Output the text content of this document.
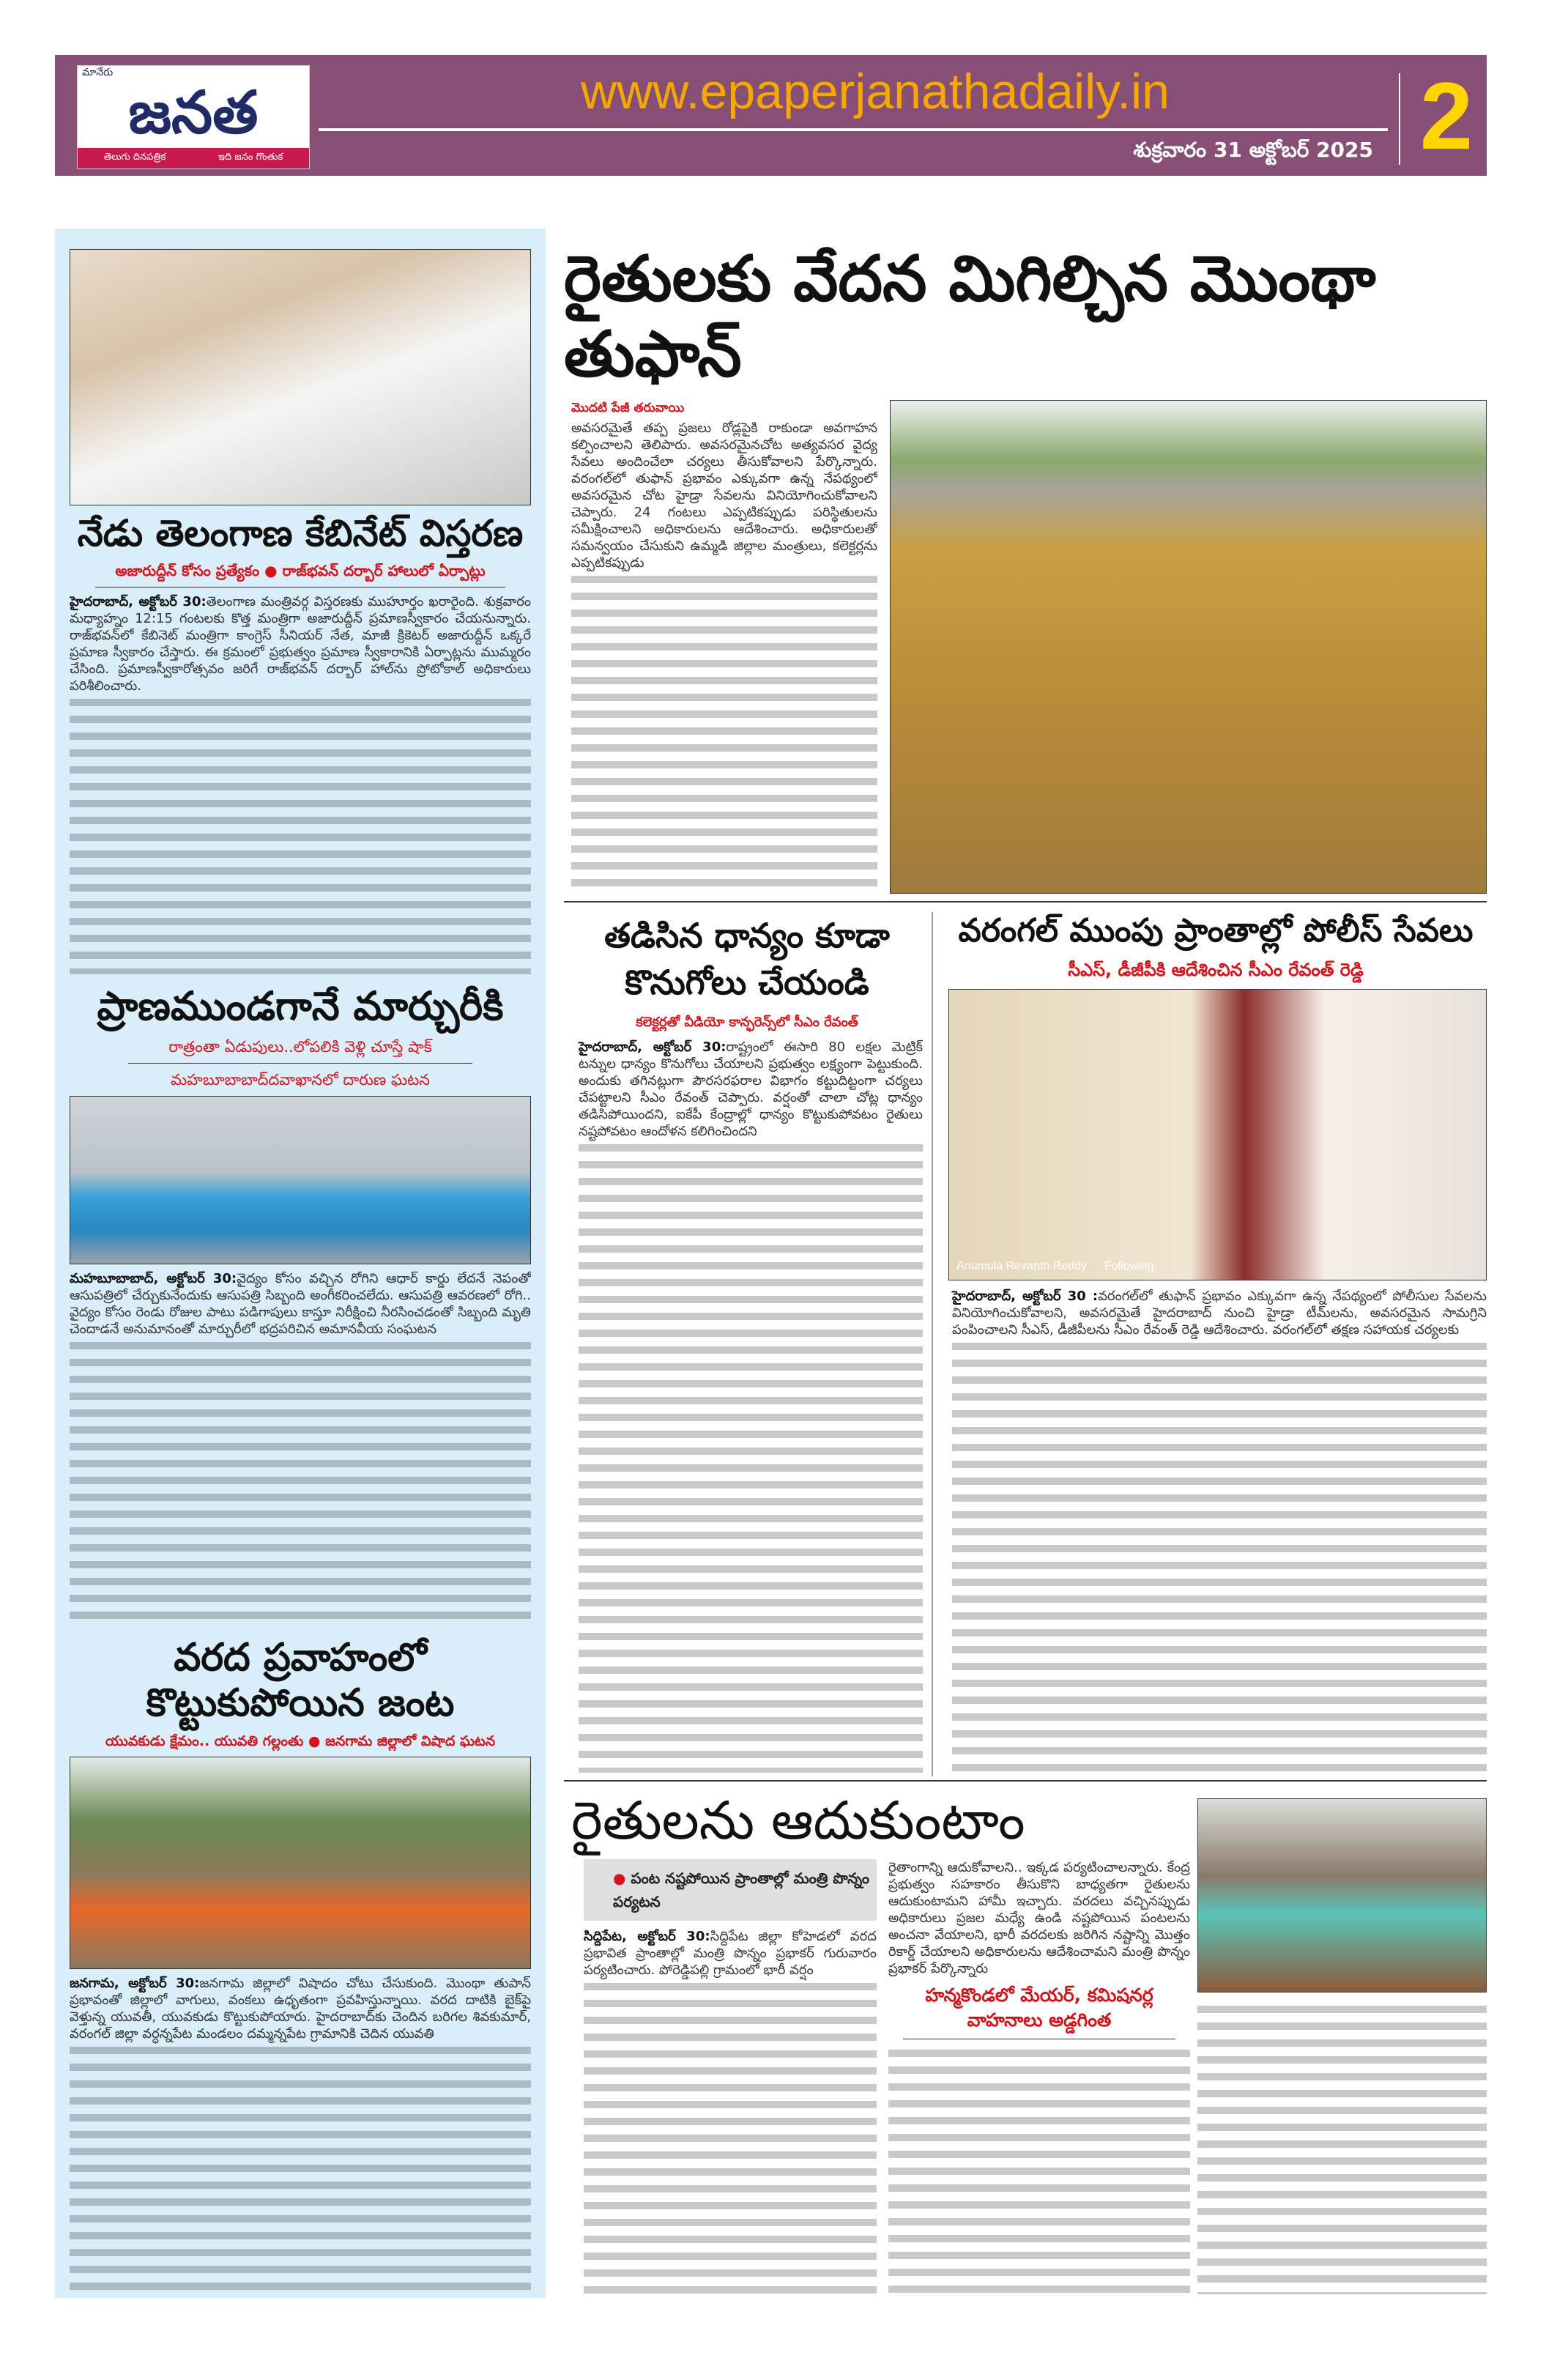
మానేరు
జనత
తెలుగు దినపత్రిక	ఇది జనం గొంతుక
www.epaperjanathadaily.in
శుక్రవారం 31 అక్టోబర్ 2025 2
నేడు తెలంగాణ కేబినేట్ విస్తరణ
అజారుద్దీన్ కోసం ప్రత్యేకం ● రాజ్‌భవన్ దర్బార్ హాలులో ఏర్పాట్లు
హైదరాబాద్, అక్టోబర్ 30:తెలంగాణ మంత్రివర్గ విస్తరణకు ముహూర్తం ఖరారైంది. శుక్రవారం మధ్యాహ్నం 12:15 గంటలకు కొత్త మంత్రిగా అజారుద్దీన్ ప్రమాణస్వీకారం చేయనున్నారు. రాజ్‌భవన్‌లో కేబినెట్ మంత్రిగా కాంగ్రెస్ సీనియర్ నేత, మాజీ క్రికెటర్ అజారుద్దీన్ ఒక్కరే ప్రమాణ స్వీకారం చేస్తారు. ఈ క్రమంలో ప్రభుత్వం ప్రమాణ స్వీకారానికి ఏర్పాట్లను ముమ్మరం చేసింది. ప్రమాణస్వీకారోత్సవం జరిగే రాజ్‌భవన్ దర్బార్ హాల్‌ను ప్రోటోకాల్ అధికారులు పరిశీలించారు.
ప్రాణముండగానే మార్చురీకి
రాత్రంతా ఏడుపులు..లోపలికి వెళ్లి చూస్తే షాక్
మహబూబాబాద్‌దవాఖానలో దారుణ ఘటన
మహబూబాబాద్, అక్టోబర్ 30:వైద్యం కోసం వచ్చిన రోగిని ఆధార్ కార్డు లేదనే నెపంతో ఆసుపత్రిలో చేర్చుకునేందుకు ఆసుపత్రి సిబ్బంది అంగీకరించలేదు. ఆసుపత్రి ఆవరణలో రోగి.. వైద్యం కోసం రెండు రోజుల పాటు పడిగాపులు కాస్తూ నిరీక్షించి నీరసించడంతో సిబ్బంది మృతి చెందాడనే అనుమానంతో మార్చురీలో భద్రపరిచిన అమానవీయ సంఘటన
వరద ప్రవాహంలో కొట్టుకుపోయిన జంట
యువకుడు క్షేమం.. యువతి గల్లంతు ● జనగామ జిల్లాలో విషాద ఘటన
జనగామ, అక్టోబర్ 30:జనగామ జిల్లాలో విషాదం చోటు చేసుకుంది. మొంథా తుపాన్ ప్రభావంతో జిల్లాలో వాగులు, వంకలు ఉధృతంగా ప్రవహిస్తున్నాయి. వరద దాటికి బైక్‌పై వెళ్తున్న యువతీ, యువకుడు కొట్టుకుపోయారు. హైదరాబాద్‌కు చెందిన బరిగల శివకుమార్, వరంగల్ జిల్లా వర్ధన్నపేట మండలం దమ్మన్నపేట గ్రామానికి చెదిన యువతి
రైతులకు వేదన మిగిల్చిన మొంథా తుఫాన్
మొదటి పేజీ తరువాయి
అవసరమైతే తప్ప ప్రజలు రోడ్లపైకి రాకుండా అవగాహన కల్పించాలని తెలిపారు. అవసరమైనచోట అత్యవసర వైద్య సేవలు అందించేలా చర్యలు తీసుకోవాలని పేర్కొన్నారు. వరంగల్‌లో తుఫాన్ ప్రభావం ఎక్కువగా ఉన్న నేపథ్యంలో అవసరమైన చోట హైడ్రా సేవలను వినియోగించుకోవాలని చెప్పారు. 24 గంటలు ఎప్పటికప్పుడు పరిస్థితులను సమీక్షించాలని అధికారులను ఆదేశించారు. అధికారులతో సమన్వయం చేసుకుని ఉమ్మడి జిల్లాల మంత్రులు, కలెక్టర్లను ఎప్పటికప్పుడు
తడిసిన ధాన్యం కూడా కొనుగోలు చేయండి
కలెక్టర్లతో వీడియో కాన్ఫరెన్స్‌లో సీఎం రేవంత్
హైదరాబాద్, అక్టోబర్ 30:రాష్ట్రంలో ఈసారి 80 లక్షల మెట్రిక్ టన్నుల ధాన్యం కొనుగోలు చేయాలని ప్రభుత్వం లక్ష్యంగా పెట్టుకుంది. అందుకు తగినట్లుగా పౌరసరఫరాల విభాగం కట్టుదిట్టంగా చర్యలు చేపట్టాలని సీఎం రేవంత్ చెప్పారు. వర్షంతో చాలా చోట్ల ధాన్యం తడిసిపోయిందని, ఐకేపీ కేంద్రాల్లో ధాన్యం కొట్టుకుపోవటం రైతులు నష్టపోవటం ఆందోళన కలిగించిందని
వరంగల్ ముంపు ప్రాంతాల్లో పోలీస్ సేవలు
సీఎస్, డీజీపీకి ఆదేశించిన సీఎం రేవంత్ రెడ్డి
Anumula Revanth Reddy Following
హైదరాబాద్, అక్టోబర్ 30 :వరంగల్‌లో తుఫాన్ ప్రభావం ఎక్కువగా ఉన్న నేపథ్యంలో పోలీసుల సేవలను వినియోగించుకోవాలని, అవసరమైతే హైదరాబాద్ నుంచి హైడ్రా టీమ్‌లను, అవసరమైన సామగ్రిని పంపించాలని సీఎస్, డీజీపీలను సీఎం రేవంత్ రెడ్డి ఆదేశించారు. వరంగల్‌లో తక్షణ సహాయక చర్యలకు
రైతులను ఆదుకుంటాం
● పంట నష్టపోయిన ప్రాంతాల్లో మంత్రి పొన్నం పర్యటన
సిద్దిపేట, అక్టోబర్ 30:సిద్దిపేట జిల్లా కోహెడలో వరద ప్రభావిత ప్రాంతాల్లో మంత్రి పొన్నం ప్రభాకర్ గురువారం పర్యటించారు. పోరెడ్డిపల్లి గ్రామంలో భారీ వర్షం
రైతాంగాన్ని ఆదుకోవాలని.. ఇక్కడ పర్యటించాలన్నారు. కేంద్ర ప్రభుత్వం సహకారం తీసుకొని బాధ్యతగా రైతులను ఆదుకుంటామని హామీ ఇచ్చారు. వరదలు వచ్చినప్పుడు అధికారులు ప్రజల మధ్యే ఉండి నష్టపోయిన పంటలను అంచనా వేయాలని, భారీ వరదలకు జరిగిన నష్టాన్ని మొత్తం రికార్డ్ చేయాలని అధికారులను ఆదేశించామని మంత్రి పొన్నం ప్రభాకర్ పేర్కొన్నారు
హన్మకొండలో మేయర్, కమిషనర్ల వాహనాలు అడ్డగింత
